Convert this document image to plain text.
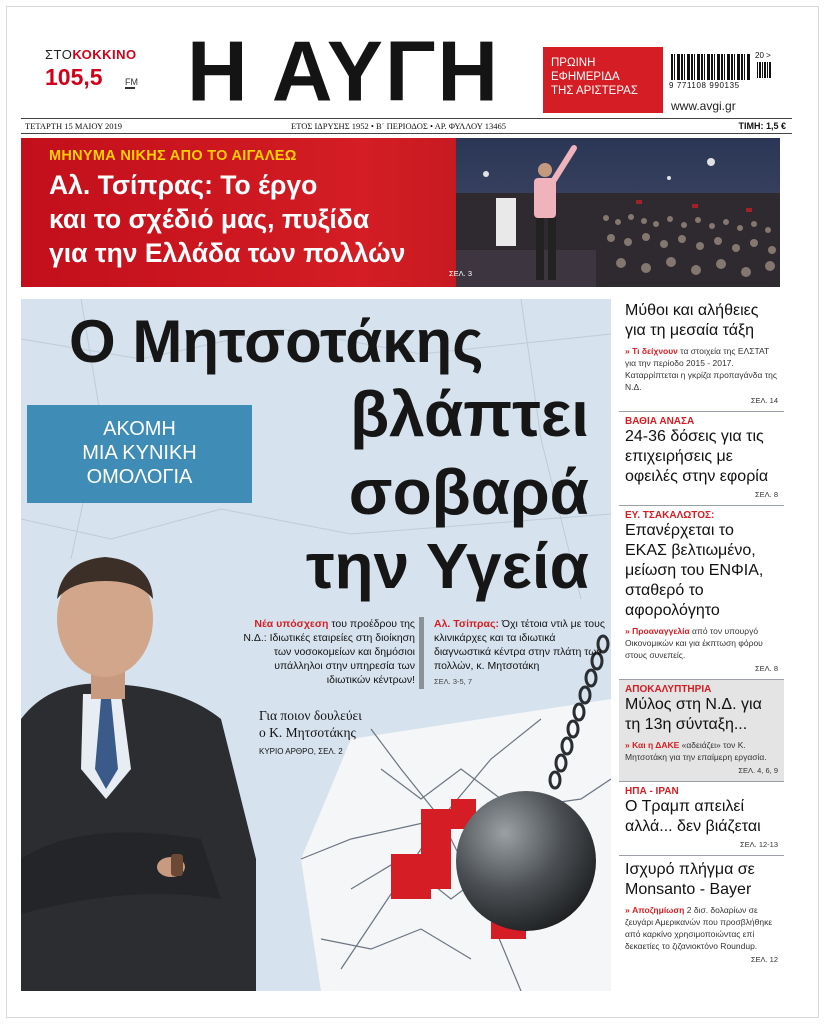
ΣΤΟΚΟΚΚΙΝΟ
105,5	FM Η ΑΥΓΗ	ΠΡΩΙΝΗ
ΕΦΗΜΕΡΙΔΑ
ΤΗΣ ΑΡΙΣΤΕΡΑΣ	9 771108 990135
20 >
www.avgi.gr
ΤΕΤΑΡΤΗ 15 ΜΑΙΟΥ 2019	ΕΤΟΣ ΙΔΡΥΣΗΣ 1952 • Β΄ ΠΕΡΙΟΔΟΣ • ΑΡ. ΦΥΛΛΟΥ 13465	ΤΙΜΗ: 1,5 €
ΜΗΝΥΜΑ ΝΙΚΗΣ ΑΠΟ ΤΟ ΑΙΓΑΛΕΩ
Αλ. Τσίπρας: Το έργο
και το σχέδιό μας, πυξίδα
για την Ελλάδα των πολλών
ΣΕΛ. 3
Ο Μητσοτάκης
βλάπτει
σοβαρά
την Υγεία
ΑΚΟΜΗ
ΜΙΑ ΚΥΝΙΚΗ
ΟΜΟΛΟΓΙΑ
Νέα υπόσχεση του προέδρου της Ν.Δ.: Ιδιωτικές εταιρείες στη διοίκηση των νοσοκομείων και δημόσιοι υπάλληλοι στην υπηρεσία των ιδιωτικών κέντρων!
Αλ. Τσίπρας: Όχι τέτοια ντιλ με τους κλινικάρχες και τα ιδιωτικά διαγνωστικά κέντρα στην πλάτη των πολλών, κ. Μητσοτάκη
ΣΕΛ. 3-5, 7
Για ποιον δουλεύει
ο Κ. Μητσοτάκης
ΚΥΡΙΟ ΑΡΘΡΟ, ΣΕΛ. 2
Μύθοι και αλήθειες για τη μεσαία τάξη
» Τι δείχνουν τα στοιχεία της ΕΛΣΤΑΤ για την περίοδο 2015 - 2017. Καταρρίπτεται η γκρίζα προπαγάνδα της Ν.Δ.
ΣΕΛ. 14
ΒΑΘΙΑ ΑΝΑΣΑ
24-36 δόσεις για τις επιχειρήσεις με οφειλές στην εφορία
ΣΕΛ. 8
ΕΥ. ΤΣΑΚΑΛΩΤΟΣ:
Επανέρχεται το ΕΚΑΣ βελτιωμένο, μείωση του ΕΝΦΙΑ, σταθερό το αφορολόγητο
» Προαναγγελία από τον υπουργό Οικονομικών και για έκπτωση φόρου στους συνεπείς.
ΣΕΛ. 8
ΑΠΟΚΑΛΥΠΤΗΡΙΑ
Μύλος στη Ν.Δ. για τη 13η σύνταξη...
» Και η ΔΑΚΕ «αδειάζει» τον Κ. Μητσοτάκη για την επαίμερη εργασία.
ΣΕΛ. 4, 6, 9
ΗΠΑ - ΙΡΑΝ
Ο Τραμπ απειλεί αλλά... δεν βιάζεται
ΣΕΛ. 12-13
Ισχυρό πλήγμα σε Monsanto - Bayer
» Αποζημίωση 2 δισ. δολαρίων σε ζευγάρι Αμερικανών που προσβλήθηκε από καρκίνο χρησιμοποιώντας επί δεκαετίες το ζιζανιοκτόνο Roundup.
ΣΕΛ. 12
